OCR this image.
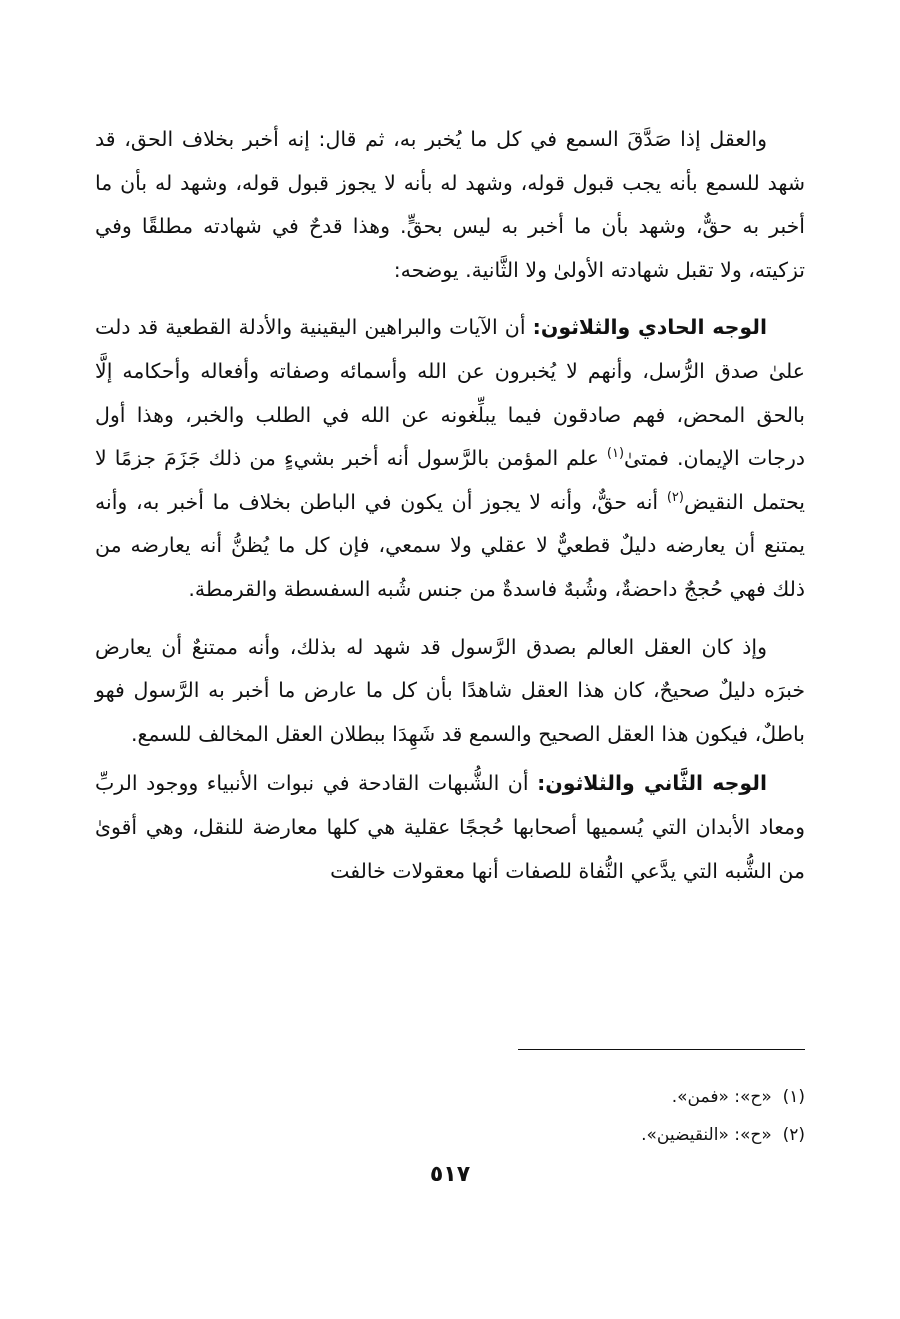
والعقل إذا صَدَّقَ السمع في كل ما يُخبر به، ثم قال: إنه أخبر بخلاف الحق، قد شهد للسمع بأنه يجب قبول قوله، وشهد له بأنه لا يجوز قبول قوله، وشهد له بأن ما أخبر به حقٌّ، وشهد بأن ما أخبر به ليس بحقٍّ. وهذا قدحٌ في شهادته مطلقًا وفي تزكيته، ولا تقبل شهادته الأولىٰ ولا الثَّانية. يوضحه:

الوجه الحادي والثلاثون: أن الآيات والبراهين اليقينية والأدلة القطعية قد دلت علىٰ صدق الرُّسل، وأنهم لا يُخبرون عن الله وأسمائه وصفاته وأفعاله وأحكامه إلَّا بالحق المحض، فهم صادقون فيما يبلِّغونه عن الله في الطلب والخبر، وهذا أول درجات الإيمان. فمتىٰ$^{(١)}$ علم المؤمن بالرَّسول أنه أخبر بشيءٍ من ذلك جَزَمَ جزمًا لا يحتمل النقيض$^{(٢)}$ أنه حقٌّ، وأنه لا يجوز أن يكون في الباطن بخلاف ما أخبر به، وأنه يمتنع أن يعارضه دليلٌ قطعيٌّ لا عقلي ولا سمعي، فإن كل ما يُظنُّ أنه يعارضه من ذلك فهي حُججٌ داحضةٌ، وشُبهٌ فاسدةٌ من جنس شُبه السفسطة والقرمطة.

وإذ كان العقل العالم بصدق الرَّسول قد شهد له بذلك، وأنه ممتنعٌ أن يعارض خبرَه دليلٌ صحيحٌ، كان هذا العقل شاهدًا بأن كل ما عارض ما أخبر به الرَّسول فهو باطلٌ، فيكون هذا العقل الصحيح والسمع قد شَهِدَا ببطلان العقل المخالف للسمع.

الوجه الثَّاني والثلاثون: أن الشُّبهات القادحة في نبوات الأنبياء ووجود الربِّ ومعاد الأبدان التي يُسميها أصحابها حُججًا عقلية هي كلها معارضة للنقل، وهي أقوىٰ من الشُّبه التي يدَّعي النُّفاة للصفات أنها معقولات خالفت

(١)  «ح»: «فمن».
(٢)  «ح»: «النقيضين».
٥١٧
